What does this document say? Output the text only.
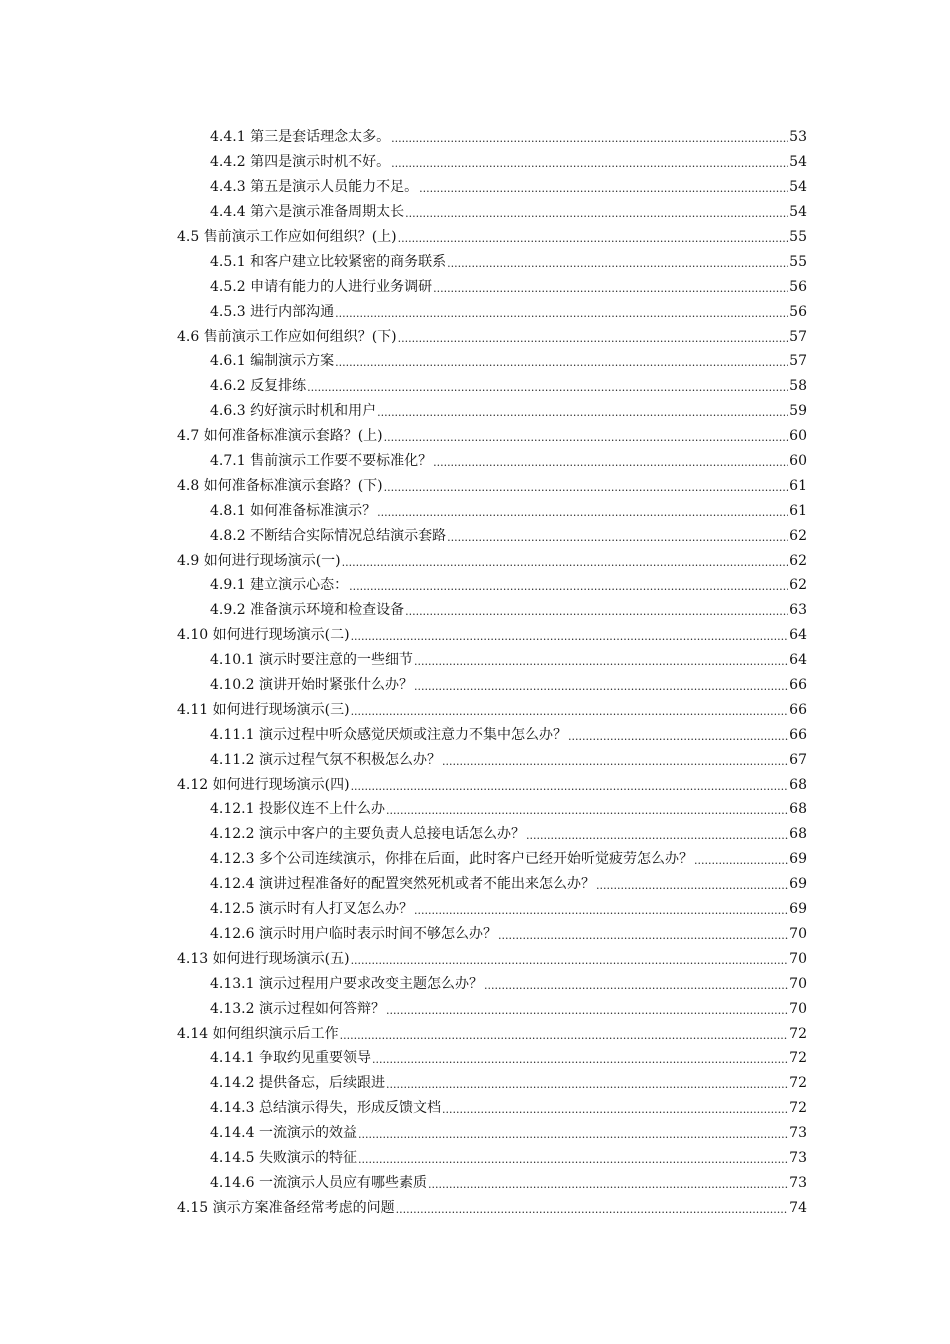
4.4.1 第三是套话理念太多。 .....	53
4.4.2 第四是演示时机不好。 .....	54
4.4.3 第五是演示人员能力不足。 .....	54
4.4.4 第六是演示准备周期太长 .....	54
4.5 售前演示工作应如何组织？(上) .....	55
4.5.1 和客户建立比较紧密的商务联系 .....	55
4.5.2 申请有能力的人进行业务调研 .....	56
4.5.3 进行内部沟通 .....	56
4.6 售前演示工作应如何组织？(下) .....	57
4.6.1 编制演示方案 .....	57
4.6.2 反复排练 .....	58
4.6.3 约好演示时机和用户 .....	59
4.7 如何准备标准演示套路？(上) .....	60
4.7.1 售前演示工作要不要标准化？ .....	60
4.8 如何准备标准演示套路？(下) .....	61
4.8.1 如何准备标准演示？ .....	61
4.8.2 不断结合实际情况总结演示套路 .....	62
4.9 如何进行现场演示(一) .....	62
4.9.1 建立演示心态： .....	62
4.9.2 准备演示环境和检查设备 .....	63
4.10 如何进行现场演示(二) .....	64
4.10.1 演示时要注意的一些细节 .....	64
4.10.2 演讲开始时紧张什么办？ .....	66
4.11 如何进行现场演示(三) .....	66
4.11.1 演示过程中听众感觉厌烦或注意力不集中怎么办？ .....	66
4.11.2 演示过程气氛不积极怎么办？ .....	67
4.12 如何进行现场演示(四) .....	68
4.12.1 投影仪连不上什么办 .....	68
4.12.2 演示中客户的主要负责人总接电话怎么办？ .....	68
4.12.3 多个公司连续演示，你排在后面，此时客户已经开始听觉疲劳怎么办？ .....	69
4.12.4 演讲过程准备好的配置突然死机或者不能出来怎么办？ .....	69
4.12.5 演示时有人打叉怎么办？ .....	69
4.12.6 演示时用户临时表示时间不够怎么办？ .....	70
4.13 如何进行现场演示(五) .....	70
4.13.1 演示过程用户要求改变主题怎么办？ .....	70
4.13.2 演示过程如何答辩？ .....	70
4.14 如何组织演示后工作 .....	72
4.14.1 争取约见重要领导 .....	72
4.14.2 提供备忘，后续跟进 .....	72
4.14.3 总结演示得失，形成反馈文档 .....	72
4.14.4 一流演示的效益 .....	73
4.14.5 失败演示的特征 .....	73
4.14.6 一流演示人员应有哪些素质 .....	73
4.15 演示方案准备经常考虑的问题 .....	74
